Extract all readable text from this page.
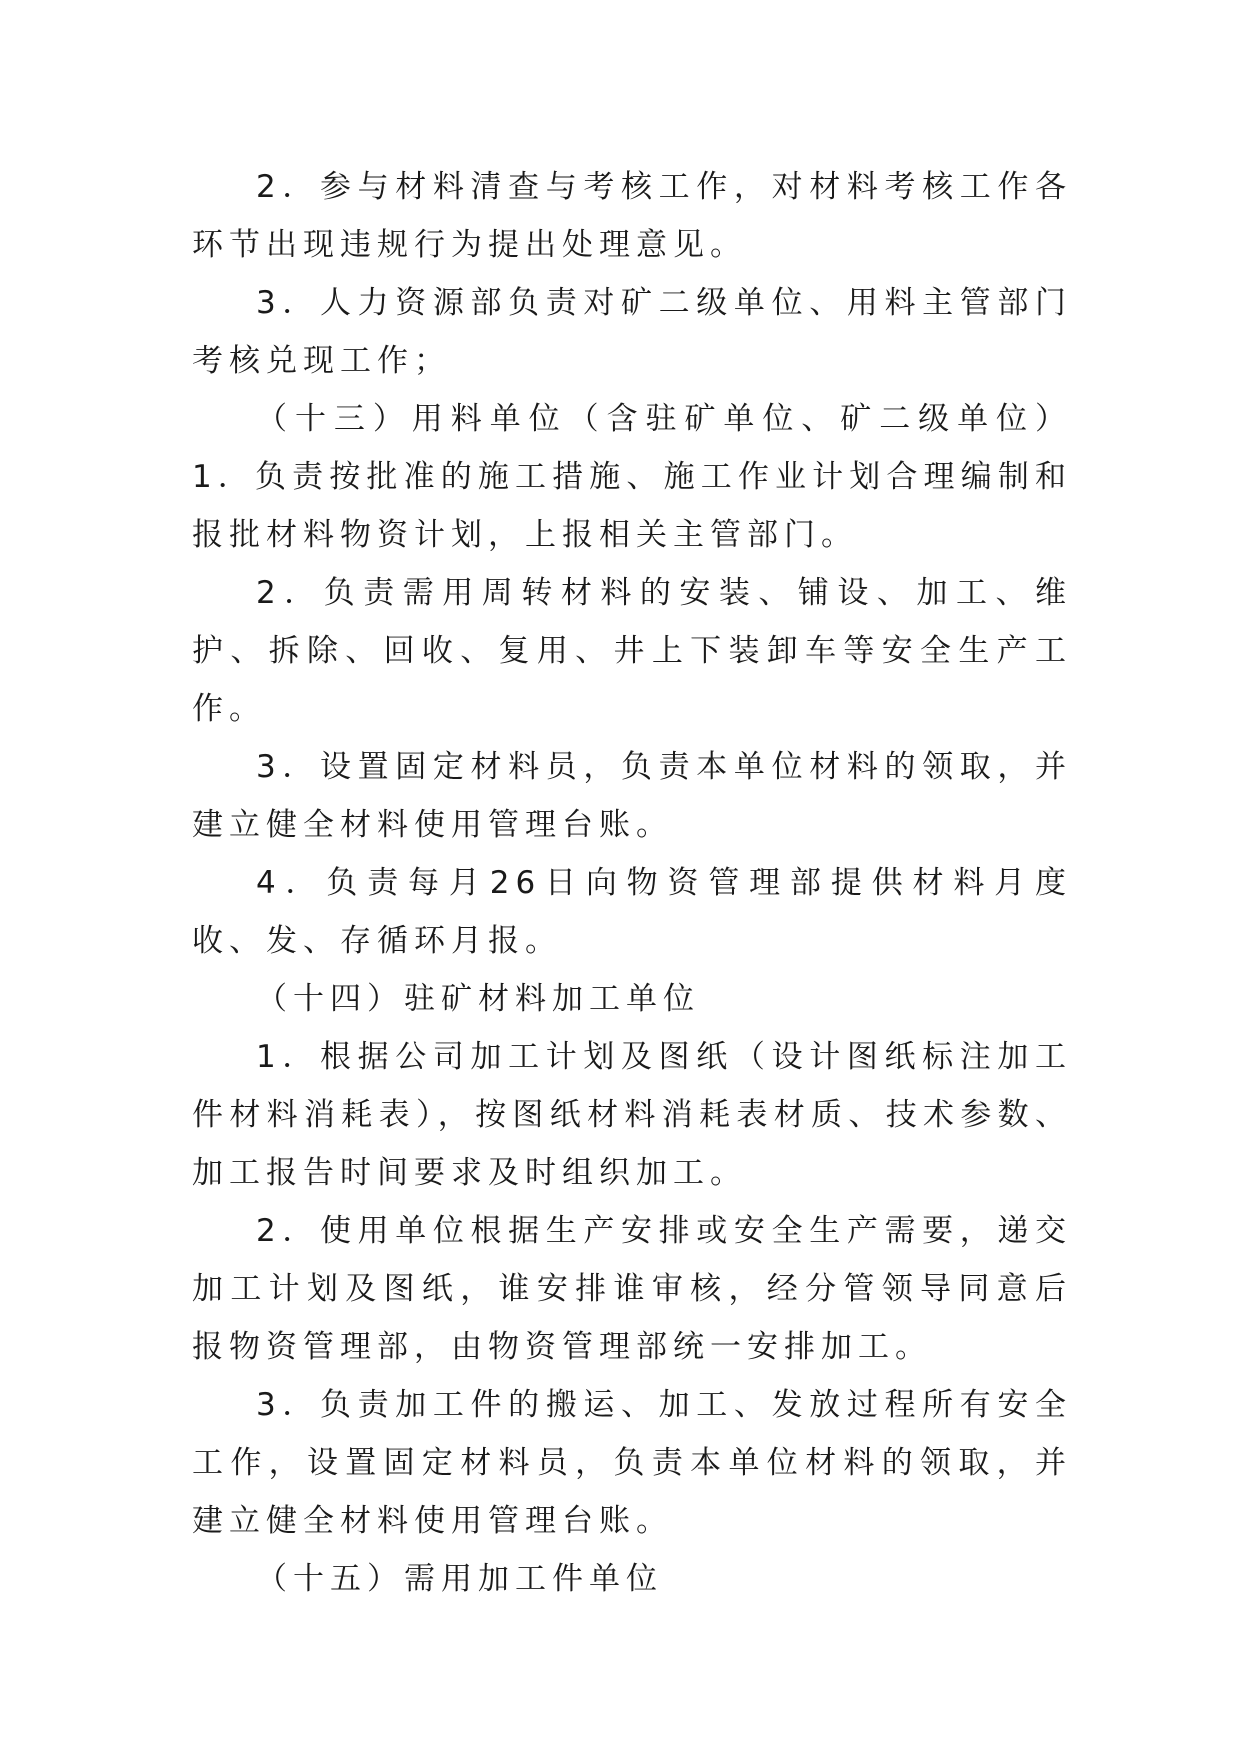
2．参与材料清查与考核工作，对材料考核工作各环节出现违规行为提出处理意见。

3．人力资源部负责对矿二级单位、用料主管部门考核兑现工作；

（十三）用料单位（含驻矿单位、矿二级单位）1．负责按批准的施工措施、施工作业计划合理编制和报批材料物资计划，上报相关主管部门。

2．负责需用周转材料的安装、铺设、加工、维护、拆除、回收、复用、井上下装卸车等安全生产工作。

3．设置固定材料员，负责本单位材料的领取，并建立健全材料使用管理台账。

4．负责每月26日向物资管理部提供材料月度收、发、存循环月报。

（十四）驻矿材料加工单位

1．根据公司加工计划及图纸（设计图纸标注加工件材料消耗表），按图纸材料消耗表材质、技术参数、加工报告时间要求及时组织加工。

2．使用单位根据生产安排或安全生产需要，递交加工计划及图纸，谁安排谁审核，经分管领导同意后报物资管理部，由物资管理部统一安排加工。

3．负责加工件的搬运、加工、发放过程所有安全工作，设置固定材料员，负责本单位材料的领取，并建立健全材料使用管理台账。

（十五）需用加工件单位
